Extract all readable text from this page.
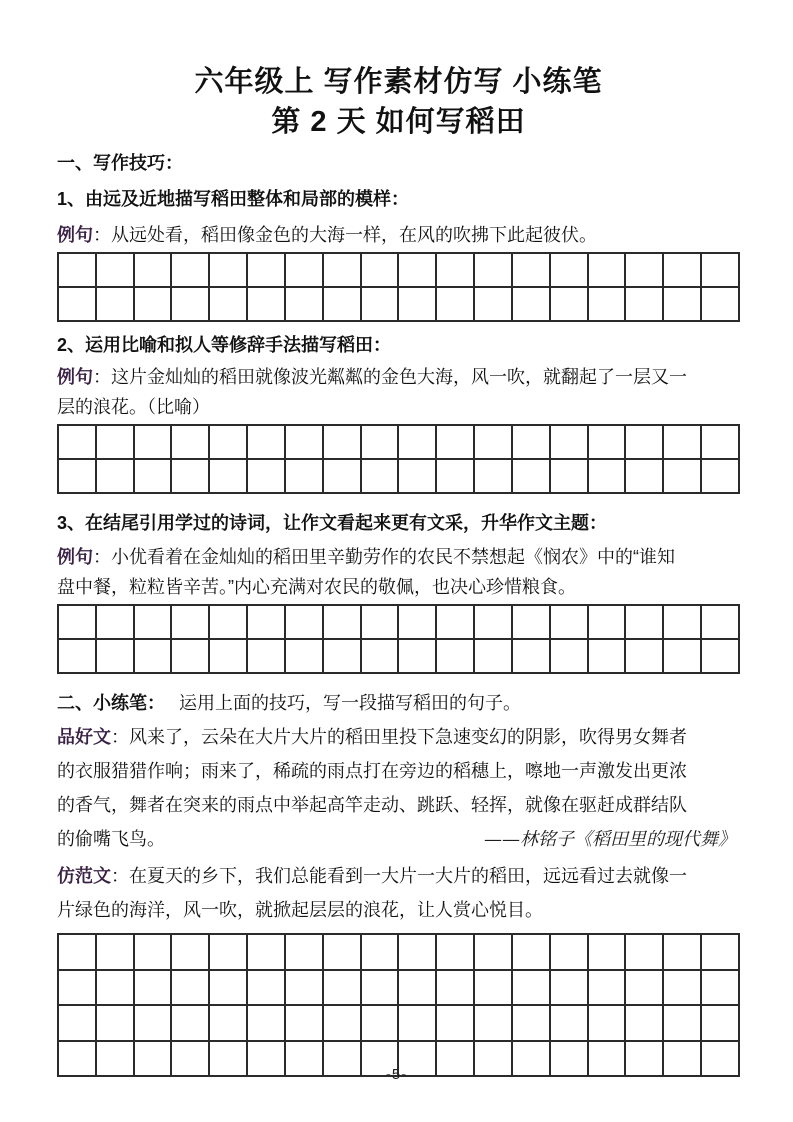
六年级上 写作素材仿写 小练笔
第 2 天 如何写稻田
一、写作技巧：
1、由远及近地描写稻田整体和局部的模样：
例句：从远处看，稻田像金色的大海一样，在风的吹拂下此起彼伏。
2、运用比喻和拟人等修辞手法描写稻田：
例句：这片金灿灿的稻田就像波光粼粼的金色大海，风一吹，就翻起了一层又一
层的浪花。（比喻）
3、在结尾引用学过的诗词，让作文看起来更有文采，升华作文主题：
例句：小优看着在金灿灿的稻田里辛勤劳作的农民不禁想起《悯农》中的“谁知
盘中餐，粒粒皆辛苦。”内心充满对农民的敬佩，也决心珍惜粮食。
二、小练笔： 运用上面的技巧，写一段描写稻田的句子。
品好文：风来了，云朵在大片大片的稻田里投下急速变幻的阴影，吹得男女舞者
的衣服猎猎作响；雨来了，稀疏的雨点打在旁边的稻穗上，嚓地一声激发出更浓
的香气，舞者在突来的雨点中举起高竿走动、跳跃、轻挥，就像在驱赶成群结队
的偷嘴飞鸟。	——林铭子《稻田里的现代舞》
仿范文：在夏天的乡下，我们总能看到一大片一大片的稻田，远远看过去就像一
片绿色的海洋，风一吹，就掀起层层的浪花，让人赏心悦目。
-5-
